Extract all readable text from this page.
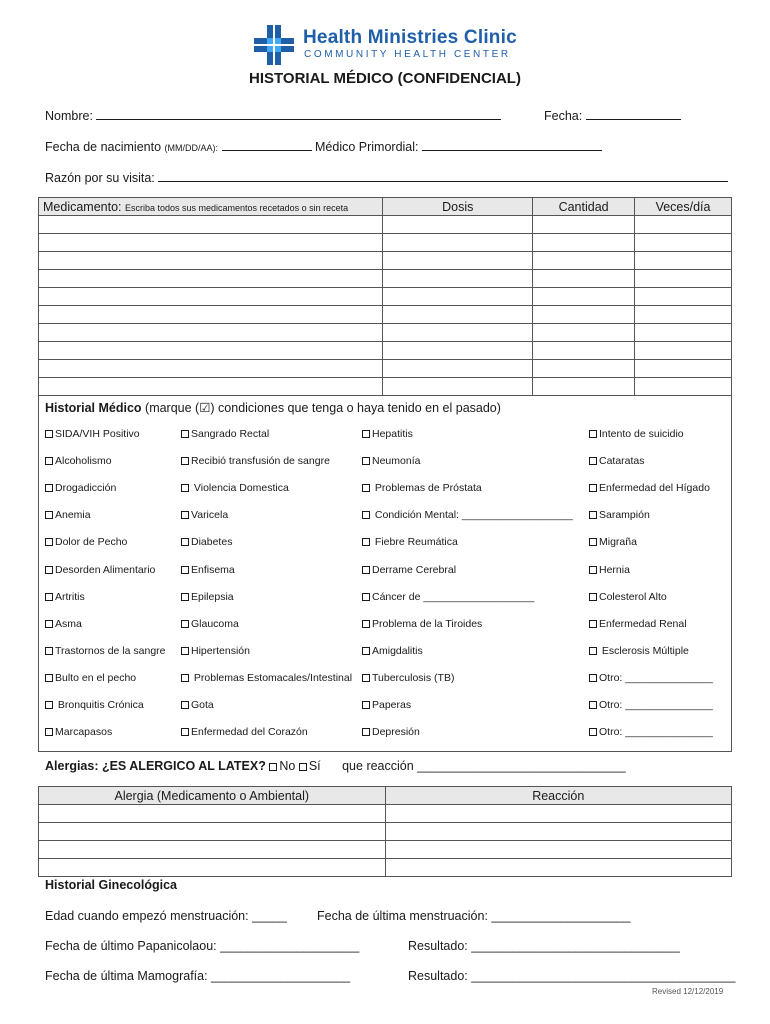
Health Ministries Clinic
COMMUNITY HEALTH CENTER
HISTORIAL MÉDICO (CONFIDENCIAL)
Nombre:	Fecha:
Fecha de nacimiento (MM/DD/AA):	Médico Primordial:
Razón por su visita:
Medicamento: Escriba todos sus medicamentos recetados o sin receta	Dosis	Cantidad	Veces/día

Historial Médico (marque (☑) condiciones que tenga o haya tenido en el pasado)
SIDA/VIH Positivo
Alcoholismo
Drogadicción
Anemia
Dolor de Pecho
Desorden Alimentario
Artritis
Asma
Trastornos de la sangre
Bulto en el pecho
Bronquitis Crónica
Marcapasos
Sangrado Rectal
Recibió transfusión de sangre
Violencia Domestica
Varicela
Diabetes
Enfisema
Epilepsia
Glaucoma
Hipertensión
Problemas Estomacales/Intestinal
Gota
Enfermedad del Corazón
Hepatitis
Neumonía
Problemas de Próstata
Condición Mental: ___________________
Fiebre Reumática
Derrame Cerebral
Cáncer de ___________________
Problema de la Tiroides
Amigdalitis
Tuberculosis (TB)
Paperas
Depresión
Intento de suicidio
Cataratas
Enfermedad del Hígado
Sarampión
Migraña
Hernia
Colesterol Alto
Enfermedad Renal
Esclerosis Múltiple
Otro: _______________
Otro: _______________
Otro: _______________
Alergias: ¿ES ALERGICO AL LATEX? No Sí que reacción ______________________________
Alergia (Medicamento o Ambiental)	Reacción

Historial Ginecológica
Edad cuando empezó menstruación: _____ Fecha de última menstruación: ____________________
Fecha de último Papanicolaou: ____________________	Resultado: ______________________________
Fecha de última Mamografía: ____________________	Resultado: ______________________________________
Revised 12/12/2019
